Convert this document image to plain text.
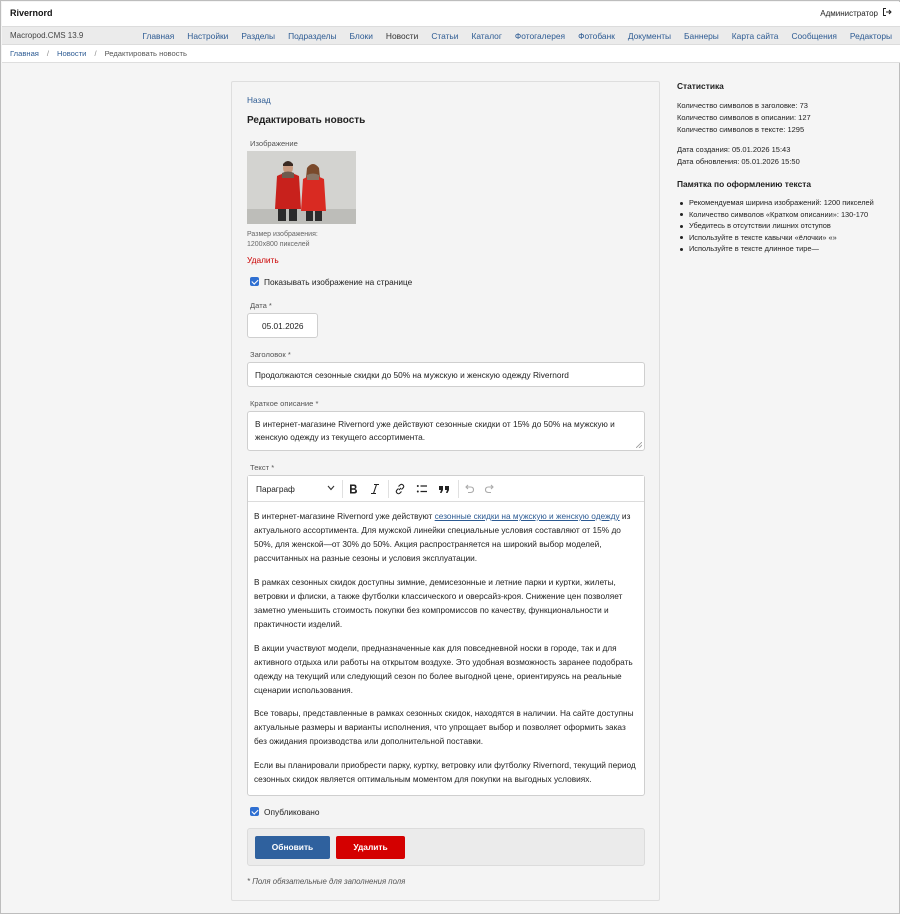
Rivernord	Администратор
Macropod.CMS 13.9	Главная Настройки Разделы Подразделы Блоки Новости Статьи Каталог Фотогалерея Фотобанк Документы Баннеры Карта сайта Сообщения Редакторы
Главная / Новости / Редактировать новость
Назад
Редактировать новость
Изображение
Размер изображения:
1200x800 пикселей
Удалить
Показывать изображение на странице
Дата *
05.01.2026
Заголовок *
Продолжаются сезонные скидки до 50% на мужскую и женскую одежду Rivernord
Краткое описание *
В интернет-магазине Rivernord уже действуют сезонные скидки от 15% до 50% на мужскую и женскую одежду из текущего ассортимента.
Текст *
Параграф

В интернет-магазине Rivernord уже действуют сезонные скидки на мужскую и женскую одежду из актуального ассортимента. Для мужской линейки специальные условия составляют от 15% до 50%, для женской—от 30% до 50%. Акция распространяется на широкий выбор моделей, рассчитанных на разные сезоны и условия эксплуатации.

В рамках сезонных скидок доступны зимние, демисезонные и летние парки и куртки, жилеты, ветровки и флиски, а также футболки классического и оверсайз-кроя. Снижение цен позволяет заметно уменьшить стоимость покупки без компромиссов по качеству, функциональности и практичности изделий.

В акции участвуют модели, предназначенные как для повседневной носки в городе, так и для активного отдыха или работы на открытом воздухе. Это удобная возможность заранее подобрать одежду на текущий или следующий сезон по более выгодной цене, ориентируясь на реальные сценарии использования.

Все товары, представленные в рамках сезонных скидок, находятся в наличии. На сайте доступны актуальные размеры и варианты исполнения, что упрощает выбор и позволяет оформить заказ без ожидания производства или дополнительной поставки.

Если вы планировали приобрести парку, куртку, ветровку или футболку Rivernord, текущий период сезонных скидок является оптимальным моментом для покупки на выгодных условиях.

Опубликовано
Обновить	Удалить
* Поля обязательные для заполнения поля
Статистика
Количество символов в заголовке: 73
Количество символов в описании: 127
Количество символов в тексте: 1295
Дата создания: 05.01.2026 15:43
Дата обновления: 05.01.2026 15:50
Памятка по оформлению текста
Рекомендуемая ширина изображений: 1200 пикселей
Количество символов «Кратком описании»: 130-170
Убедитесь в отсутствии лишних отступов
Используйте в тексте кавычки «ёлочки» «»
Используйте в тексте длинное тире—
